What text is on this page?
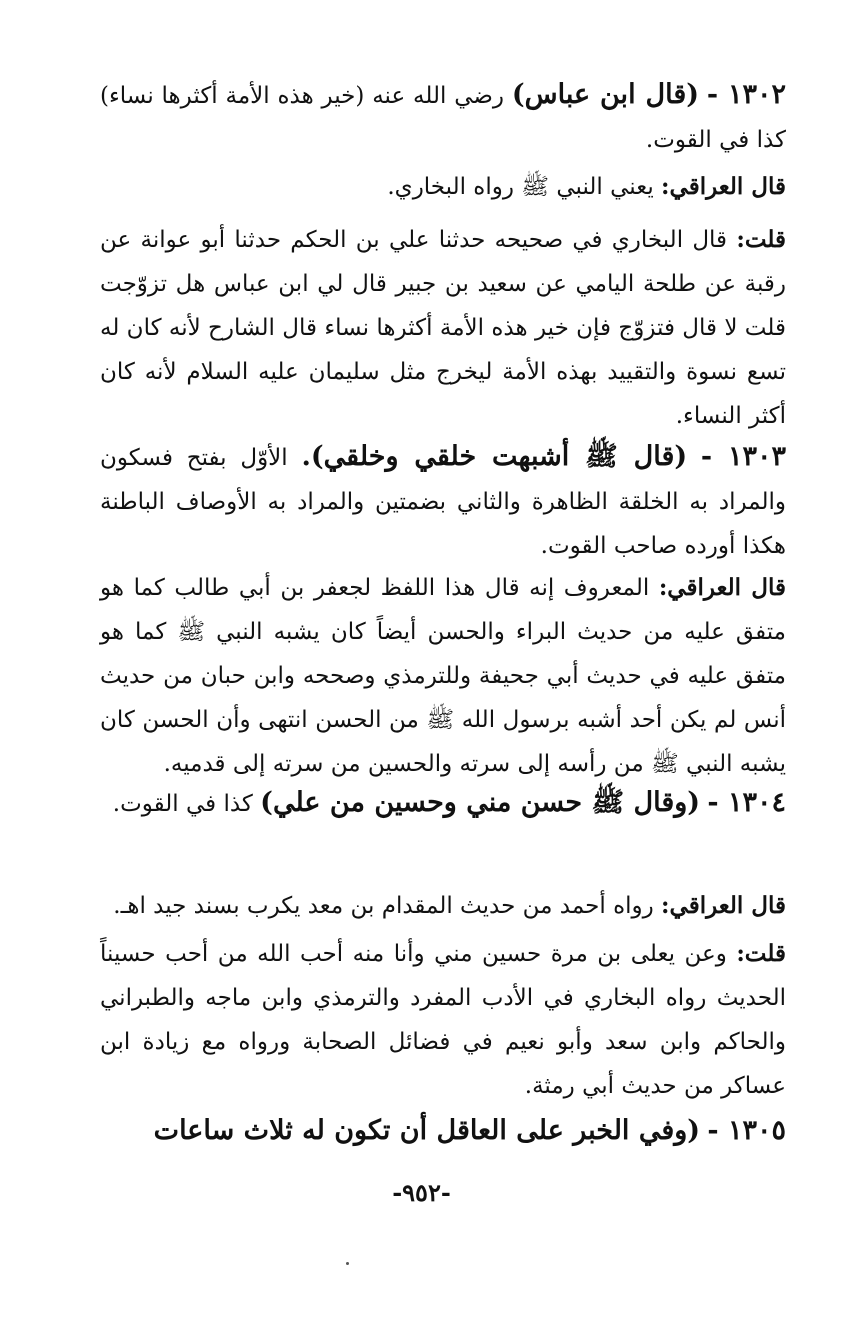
١٣٠٢ - (قال ابن عباس) رضي الله عنه (خير هذه الأمة أكثرها نساء) كذا في القوت.

قال العراقي: يعني النبي ﷺ رواه البخاري.

قلت: قال البخاري في صحيحه حدثنا علي بن الحكم حدثنا أبو عوانة عن رقبة عن طلحة اليامي عن سعيد بن جبير قال لي ابن عباس هل تزوّجت قلت لا قال فتزوّج فإن خير هذه الأمة أكثرها نساء قال الشارح لأنه كان له تسع نسوة والتقييد بهذه الأمة ليخرج مثل سليمان عليه السلام لأنه كان أكثر النساء.

١٣٠٣ - (قال ﷺ أشبهت خلقي وخلقي). الأوّل بفتح فسكون والمراد به الخلقة الظاهرة والثاني بضمتين والمراد به الأوصاف الباطنة هكذا أورده صاحب القوت.

قال العراقي: المعروف إنه قال هذا اللفظ لجعفر بن أبي طالب كما هو متفق عليه من حديث البراء والحسن أيضاً كان يشبه النبي ﷺ كما هو متفق عليه في حديث أبي جحيفة وللترمذي وصححه وابن حبان من حديث أنس لم يكن أحد أشبه برسول الله ﷺ من الحسن انتهى وأن الحسن كان يشبه النبي ﷺ من رأسه إلى سرته والحسين من سرته إلى قدميه.

١٣٠٤ - (وقال ﷺ حسن مني وحسين من علي) كذا في القوت.

قال العراقي: رواه أحمد من حديث المقدام بن معد يكرب بسند جيد اهـ.

قلت: وعن يعلى بن مرة حسين مني وأنا منه أحب الله من أحب حسيناً الحديث رواه البخاري في الأدب المفرد والترمذي وابن ماجه والطبراني والحاكم وابن سعد وأبو نعيم في فضائل الصحابة ورواه مع زيادة ابن عساكر من حديث أبي رمثة.

١٣٠٥ - (وفي الخبر على العاقل أن تكون له ثلاث ساعات

-٩٥٢-
